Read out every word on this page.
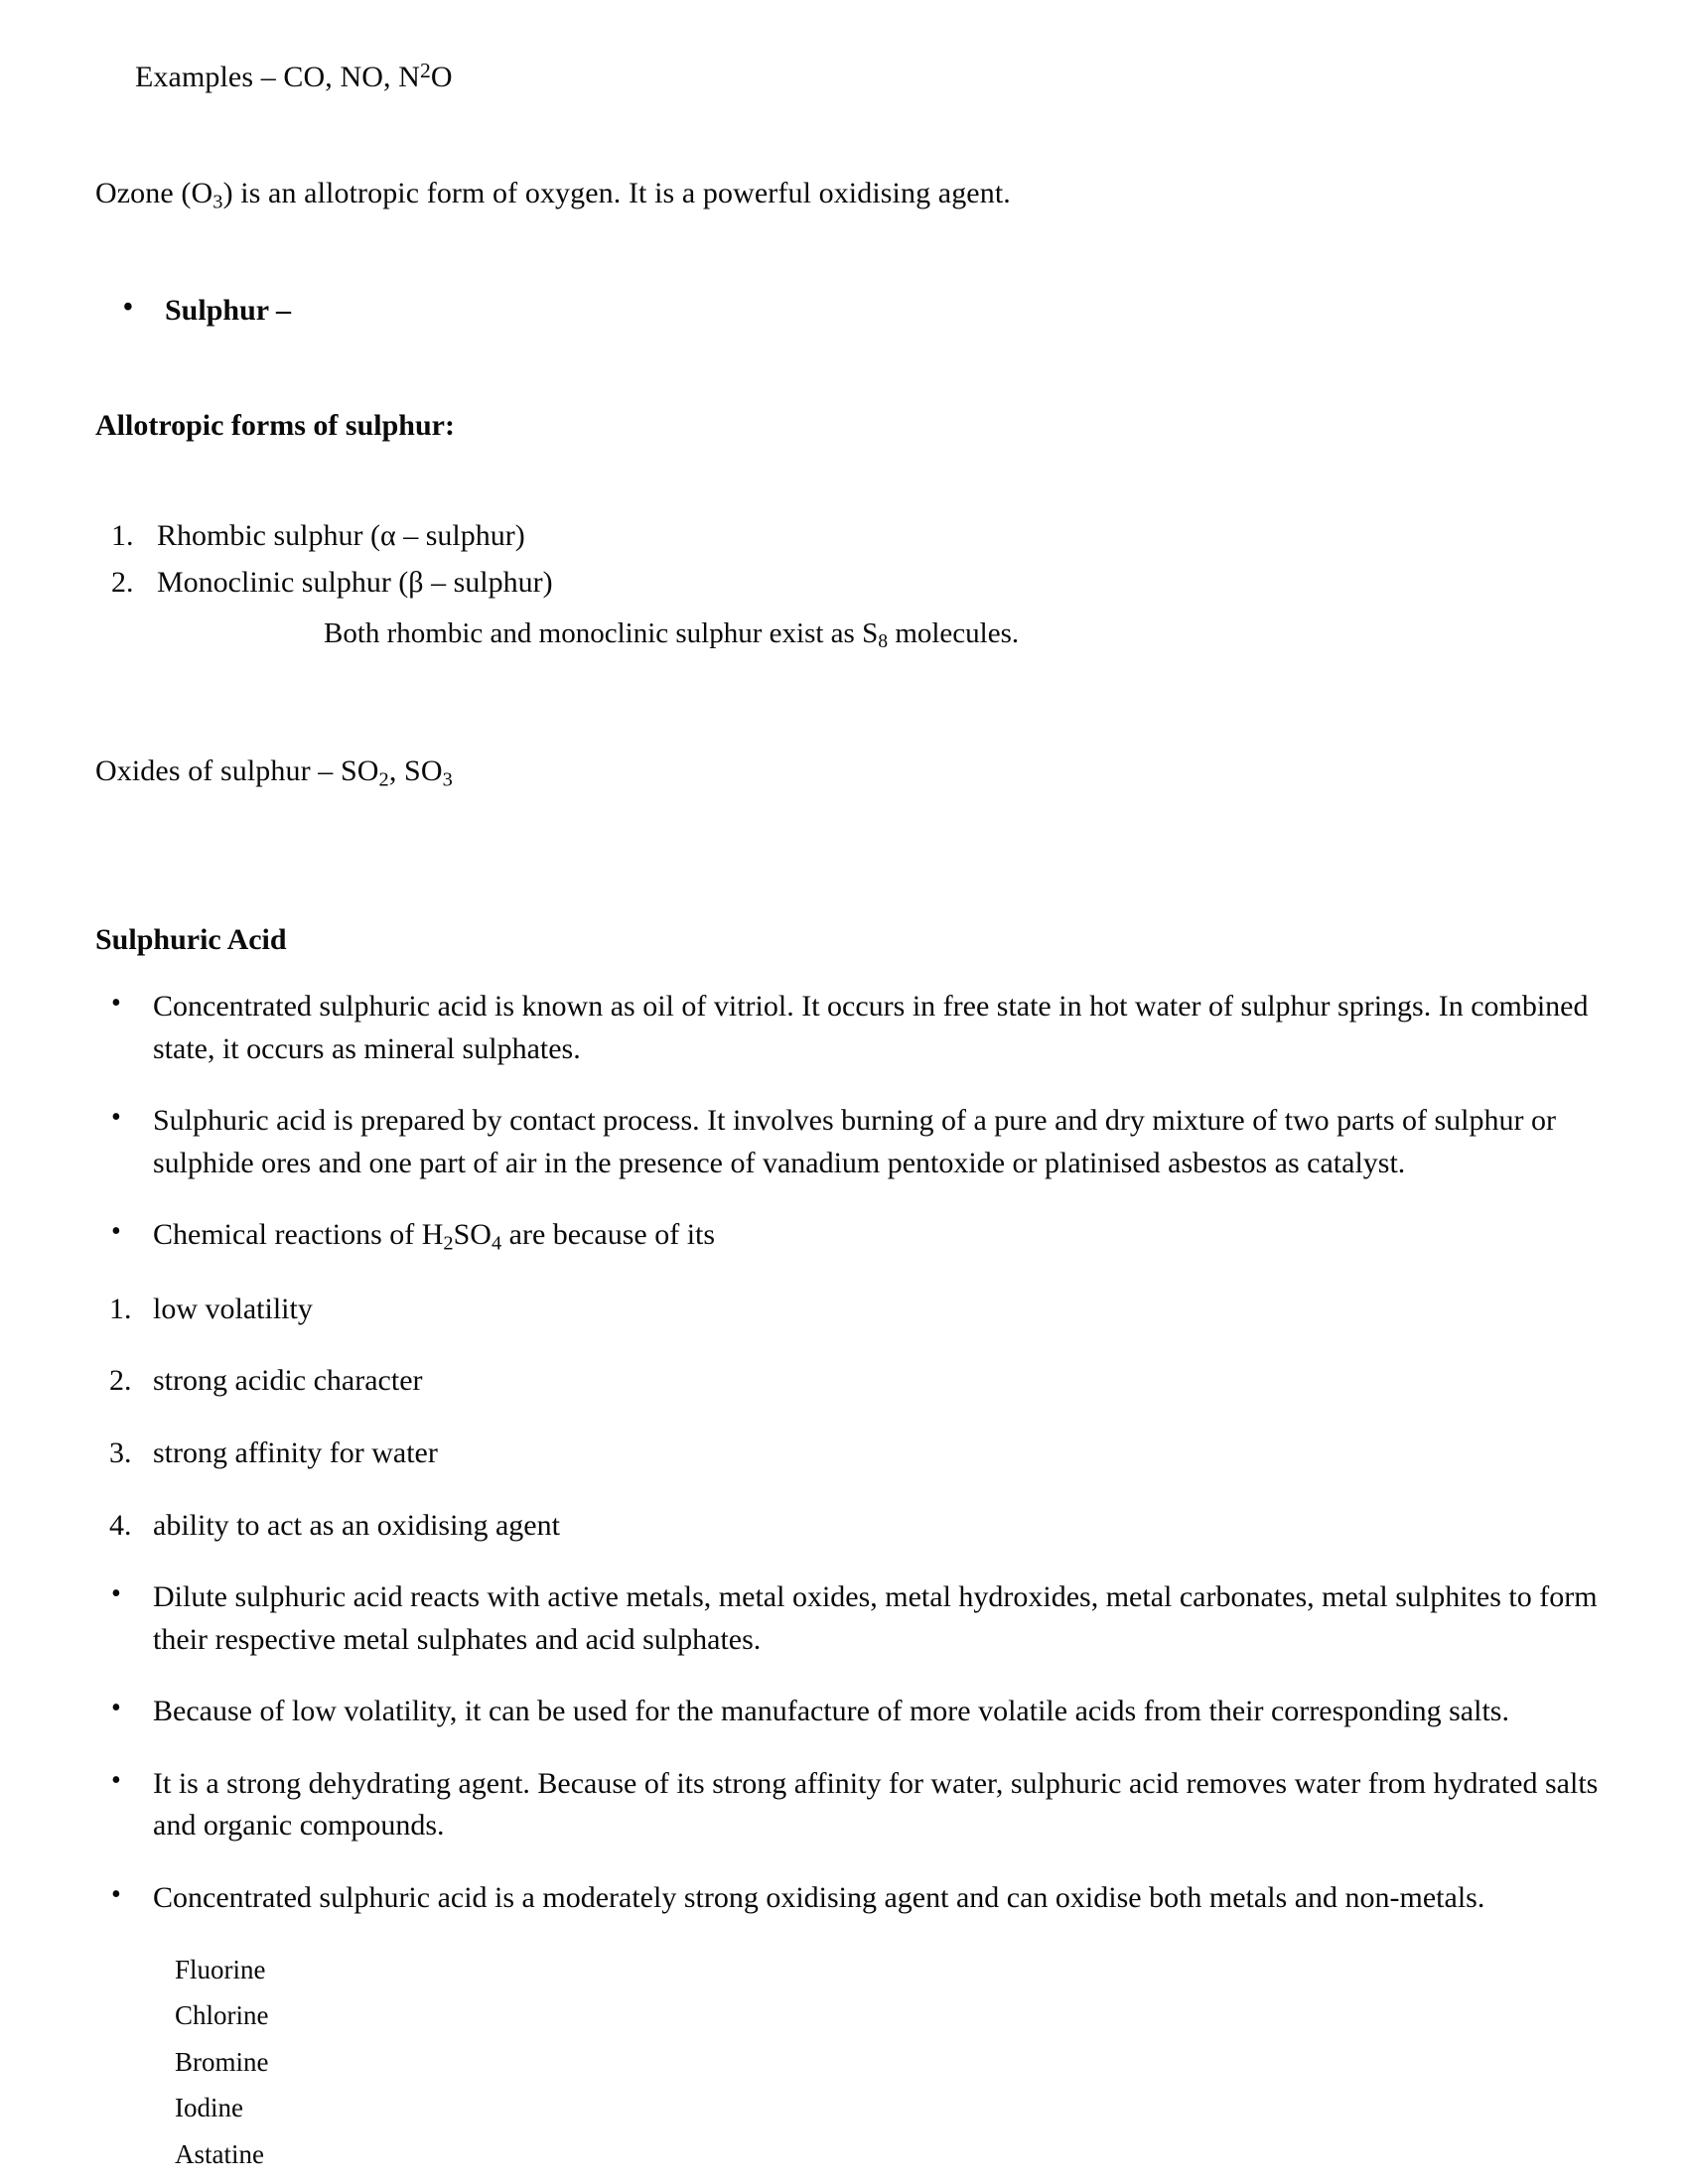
Examples – CO, NO, $N^2O$

Ozone $(O_3)$ is an allotropic form of oxygen. It is a powerful oxidising agent.

• Sulphur –

Allotropic forms of sulphur:

Rhombic sulphur (α – sulphur)
Monoclinic sulphur (β – sulphur)

Both rhombic and monoclinic sulphur exist as $S_8$ molecules.

Oxides of sulphur – $SO_2$, $SO_3$

Sulphuric Acid

• Concentrated sulphuric acid is known as oil of vitriol. It occurs in free state in hot water of sulphur springs. In combined state, it occurs as mineral sulphates.
• Sulphuric acid is prepared by contact process. It involves burning of a pure and dry mixture of two parts of sulphur or sulphide ores and one part of air in the presence of vanadium pentoxide or platinised asbestos as catalyst.
• Chemical reactions of $H_2SO_4$ are because of its
low volatility
strong acidic character
strong affinity for water
ability to act as an oxidising agent
• Dilute sulphuric acid reacts with active metals, metal oxides, metal hydroxides, metal carbonates, metal sulphites to form their respective metal sulphates and acid sulphates.
• Because of low volatility, it can be used for the manufacture of more volatile acids from their corresponding salts.
• It is a strong dehydrating agent. Because of its strong affinity for water, sulphuric acid removes water from hydrated salts and organic compounds.
• Concentrated sulphuric acid is a moderately strong oxidising agent and can oxidise both metals and non-metals.
Fluorine
Chlorine
Bromine
Iodine
Astatine
